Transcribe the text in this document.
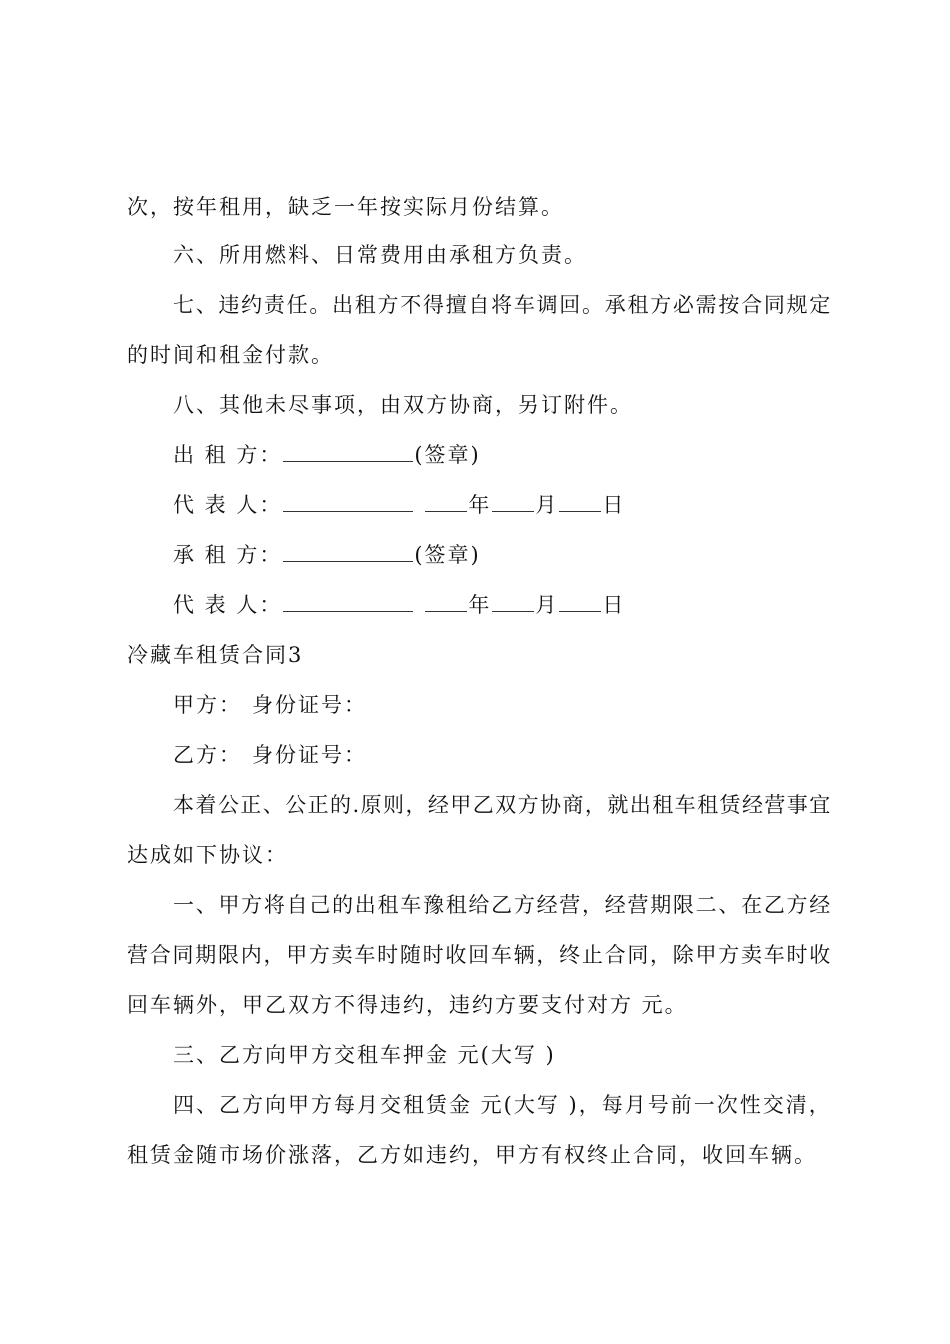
次，按年租用，缺乏一年按实际月份结算。
六、所用燃料、日常费用由承租方负责。
七、违约责任。出租方不得擅自将车调回。承租方必需按合同规定
的时间和租金付款。
八、其他未尽事项，由双方协商，另订附件。
出 租 方：	(签章)
代 表 人：	年 月 日
承 租 方：	(签章)
代 表 人：	年 月 日
冷藏车租赁合同3
甲方： 身份证号：
乙方： 身份证号：
本着公正、公正的.原则，经甲乙双方协商，就出租车租赁经营事宜
达成如下协议：
一、甲方将自己的出租车豫租给乙方经营，经营期限二、在乙方经
营合同期限内，甲方卖车时随时收回车辆，终止合同，除甲方卖车时收
回车辆外，甲乙双方不得违约，违约方要支付对方 元。
三、乙方向甲方交租车押金 元(大写 )
四、乙方向甲方每月交租赁金 元(大写 )，每月号前一次性交清，
租赁金随市场价涨落，乙方如违约，甲方有权终止合同，收回车辆。
